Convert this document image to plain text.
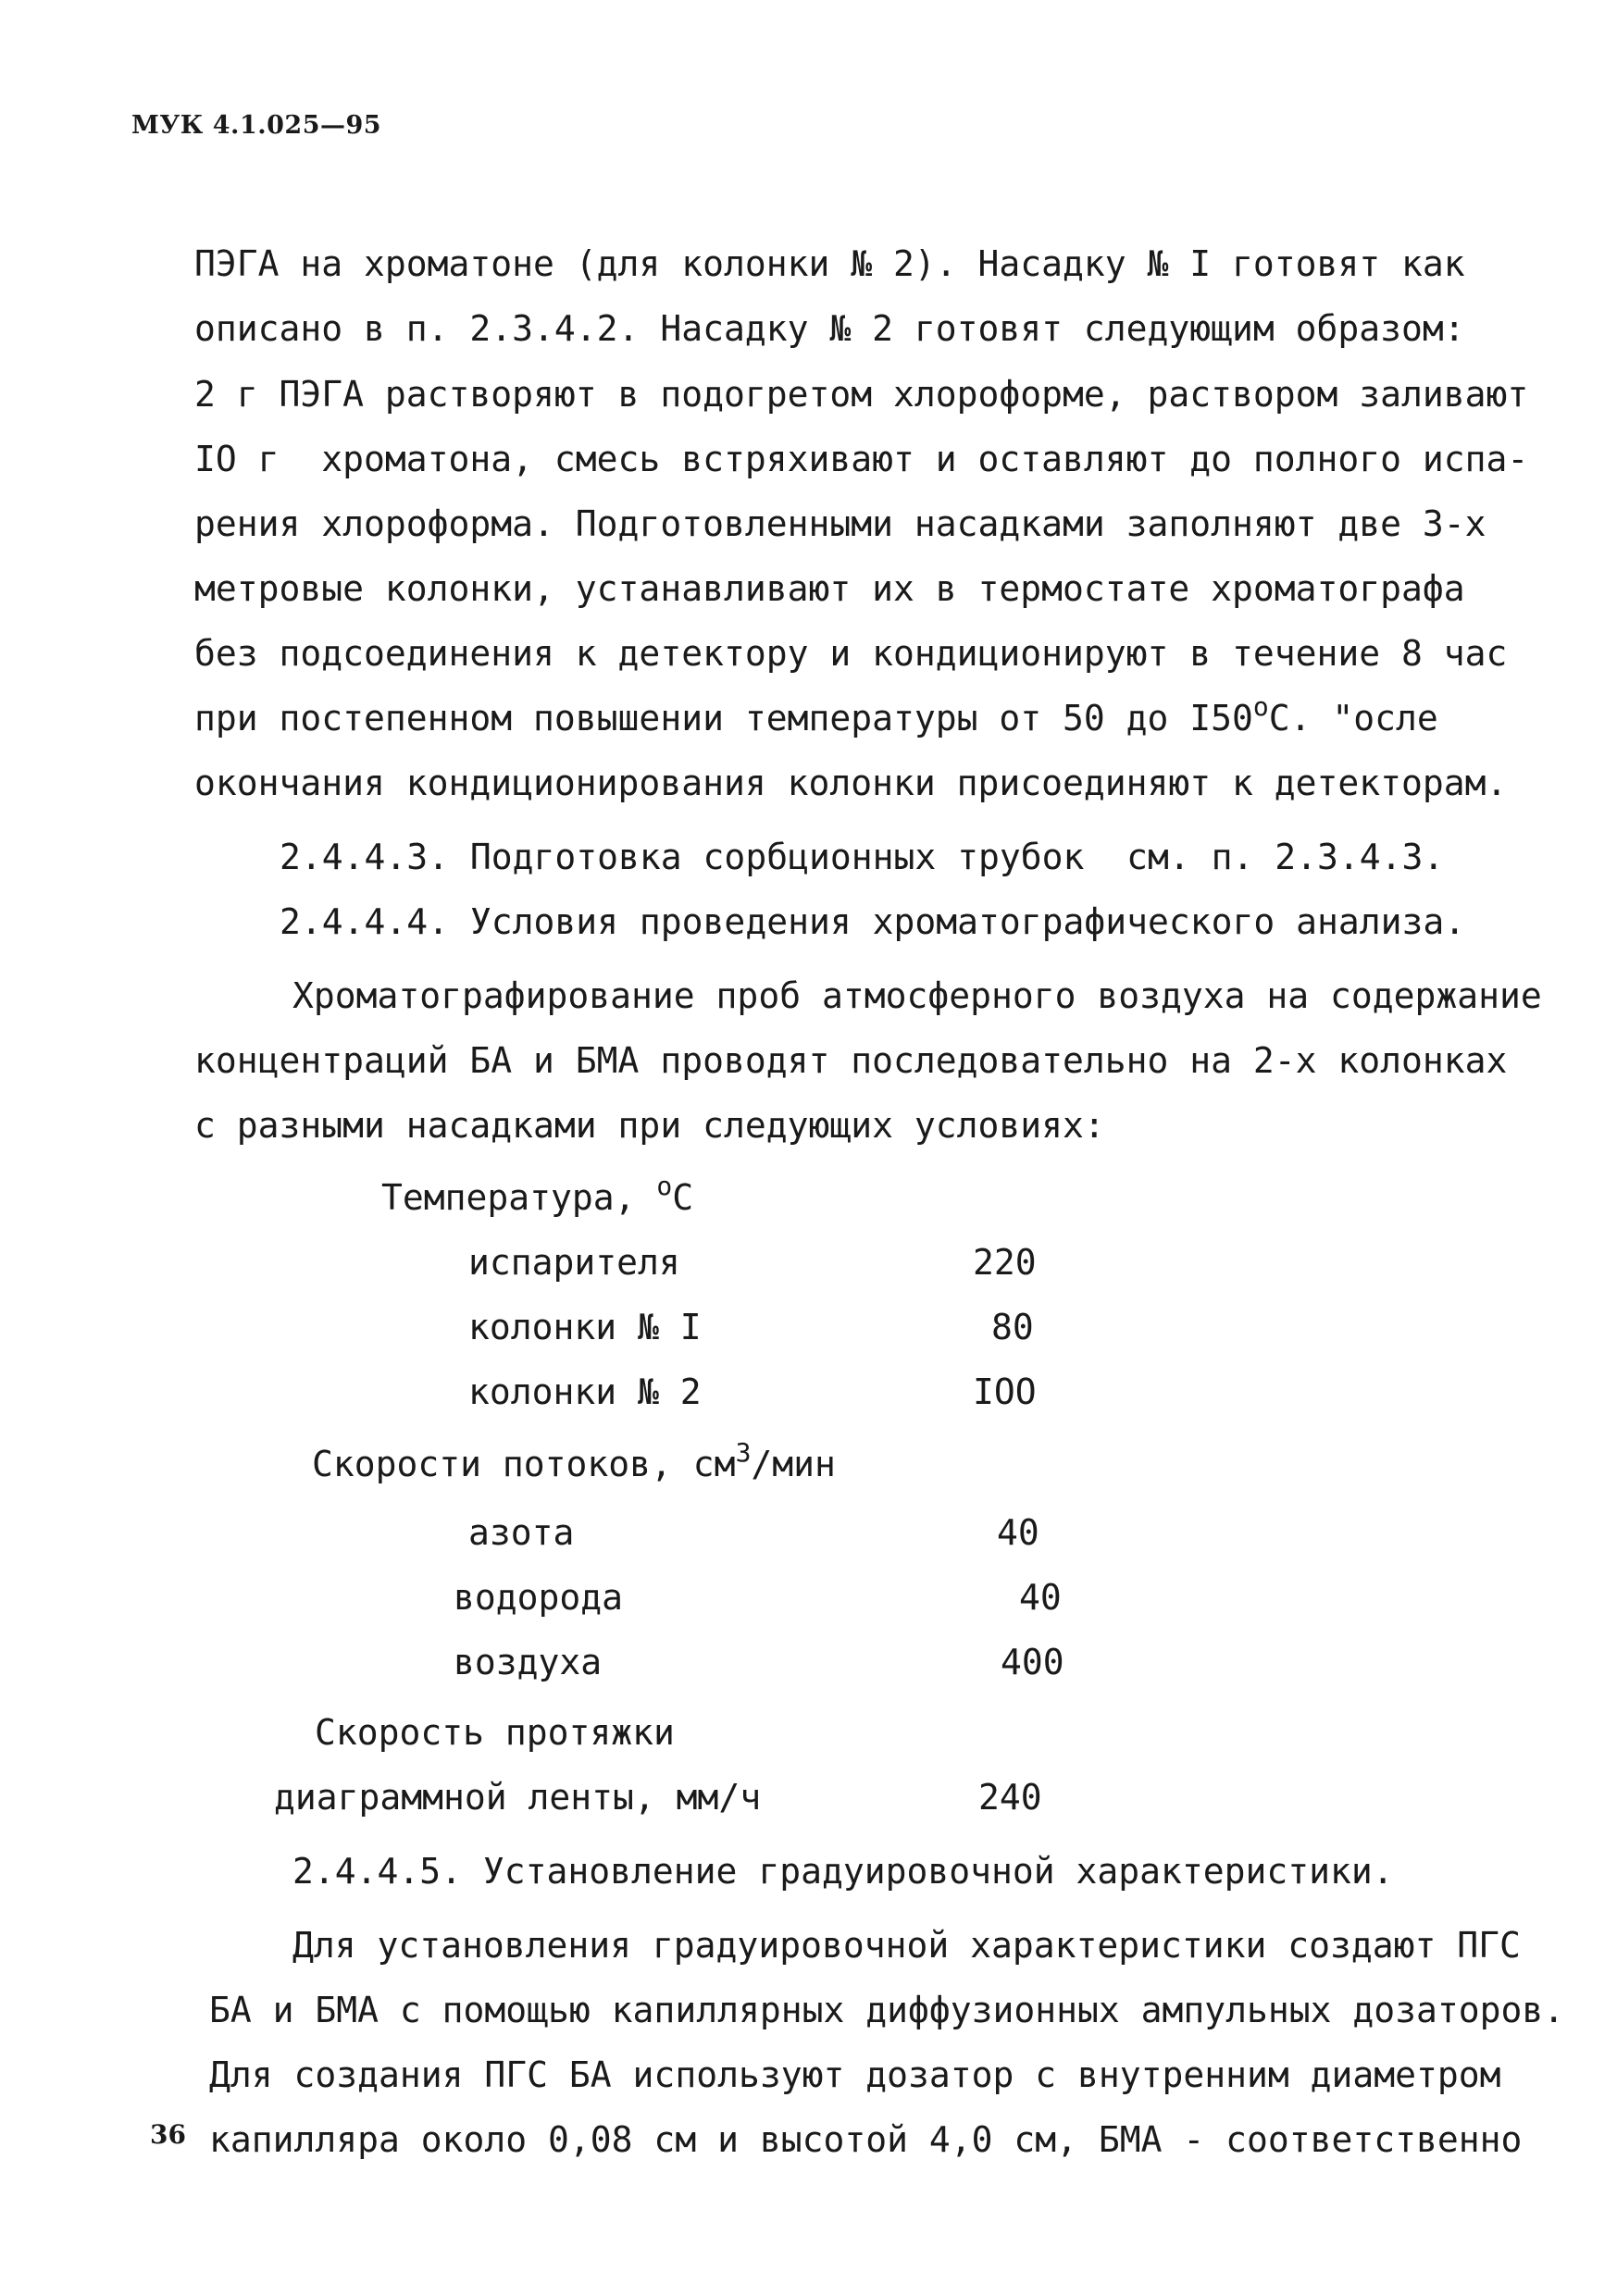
МУК 4.1.025—95
ПЭГА на хроматоне (для колонки № 2). Насадку № I готовят как
описано в п. 2.3.4.2. Насадку № 2 готовят следующим образом:
2 г ПЭГА растворяют в подогретом хлороформе, раствором заливают
IO г  хроматона, смесь встряхивают и оставляют до полного испа-
рения хлороформа. Подготовленными насадками заполняют две 3-х
метровые колонки, устанавливают их в термостате хроматографа
без подсоединения к детектору и кондиционируют в течение 8 час
при постепенном повышении температуры от 50 до I50$^o$C. "осле
окончания кондиционирования колонки присоединяют к детекторам.
2.4.4.3. Подготовка сорбционных трубок  см. п. 2.3.4.3.
2.4.4.4. Условия проведения хроматографического анализа.
Хроматографирование проб атмосферного воздуха на содержание
концентраций БА и БМА проводят последовательно на 2-х колонках
с разными насадками при следующих условиях:
Температура, $^o$C
испарителя	220
колонки № I	80
колонки № 2	IOO
Скорости потоков, $см^3$/мин
азота	40
водорода	40
воздуха	400
Скорость протяжки
диаграммной ленты, мм/ч	240
2.4.4.5. Установление градуировочной характеристики.
Для установления градуировочной характеристики создают ПГС
БА и БМА с помощью капиллярных диффузионных ампульных дозаторов.
Для создания ПГС БА используют дозатор с внутренним диаметром
капилляра около 0,08 см и высотой 4,0 см, БМА - соответственно
36
